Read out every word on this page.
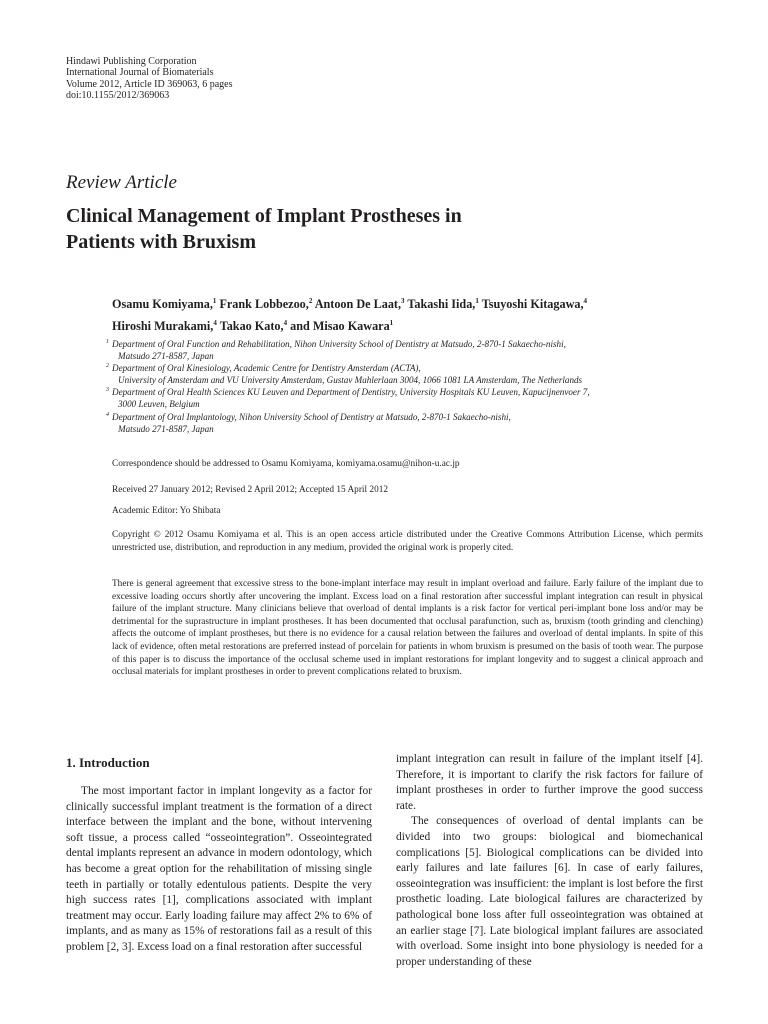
Hindawi Publishing Corporation
International Journal of Biomaterials
Volume 2012, Article ID 369063, 6 pages
doi:10.1155/2012/369063
Review Article
Clinical Management of Implant Prostheses in
Patients with Bruxism
Osamu Komiyama,$^1$ Frank Lobbezoo,$^2$ Antoon De Laat,$^3$ Takashi Iida,$^1$ Tsuyoshi Kitagawa,$^4$
Hiroshi Murakami,$^4$ Takao Kato,$^4$ and Misao Kawara$^1$
1 Department of Oral Function and Rehabilitation, Nihon University School of Dentistry at Matsudo, 2-870-1 Sakaecho-nishi,
Matsudo 271-8587, Japan
2 Department of Oral Kinesiology, Academic Centre for Dentistry Amsterdam (ACTA),
University of Amsterdam and VU University Amsterdam, Gustav Mahlerlaan 3004, 1066 1081 LA Amsterdam, The Netherlands
3 Department of Oral Health Sciences KU Leuven and Department of Dentistry, University Hospitals KU Leuven, Kapucijnenvoer 7,
3000 Leuven, Belgium
4 Department of Oral Implantology, Nihon University School of Dentistry at Matsudo, 2-870-1 Sakaecho-nishi,
Matsudo 271-8587, Japan
Correspondence should be addressed to Osamu Komiyama, komiyama.osamu@nihon-u.ac.jp
Received 27 January 2012; Revised 2 April 2012; Accepted 15 April 2012
Academic Editor: Yo Shibata
Copyright © 2012 Osamu Komiyama et al. This is an open access article distributed under the Creative Commons Attribution License, which permits unrestricted use, distribution, and reproduction in any medium, provided the original work is properly cited.
There is general agreement that excessive stress to the bone-implant interface may result in implant overload and failure. Early failure of the implant due to excessive loading occurs shortly after uncovering the implant. Excess load on a final restoration after successful implant integration can result in physical failure of the implant structure. Many clinicians believe that overload of dental implants is a risk factor for vertical peri-implant bone loss and/or may be detrimental for the suprastructure in implant prostheses. It has been documented that occlusal parafunction, such as, bruxism (tooth grinding and clenching) affects the outcome of implant prostheses, but there is no evidence for a causal relation between the failures and overload of dental implants. In spite of this lack of evidence, often metal restorations are preferred instead of porcelain for patients in whom bruxism is presumed on the basis of tooth wear. The purpose of this paper is to discuss the importance of the occlusal scheme used in implant restorations for implant longevity and to suggest a clinical approach and occlusal materials for implant prostheses in order to prevent complications related to bruxism.
1. Introduction

The most important factor in implant longevity as a factor for clinically successful implant treatment is the formation of a direct interface between the implant and the bone, without intervening soft tissue, a process called “osseointegration”. Osseointegrated dental implants represent an advance in modern odontology, which has become a great option for the rehabilitation of missing single teeth in partially or totally edentulous patients. Despite the very high success rates [1], complications associated with implant treatment may occur. Early loading failure may affect 2% to 6% of implants, and as many as 15% of restorations fail as a result of this problem [2, 3]. Excess load on a final restoration after successful

implant integration can result in failure of the implant itself [4]. Therefore, it is important to clarify the risk factors for failure of implant prostheses in order to further improve the good success rate.

The consequences of overload of dental implants can be divided into two groups: biological and biomechanical complications [5]. Biological complications can be divided into early failures and late failures [6]. In case of early failures, osseointegration was insufficient: the implant is lost before the first prosthetic loading. Late biological failures are characterized by pathological bone loss after full osseointegration was obtained at an earlier stage [7]. Late biological implant failures are associated with overload. Some insight into bone physiology is needed for a proper understanding of these
